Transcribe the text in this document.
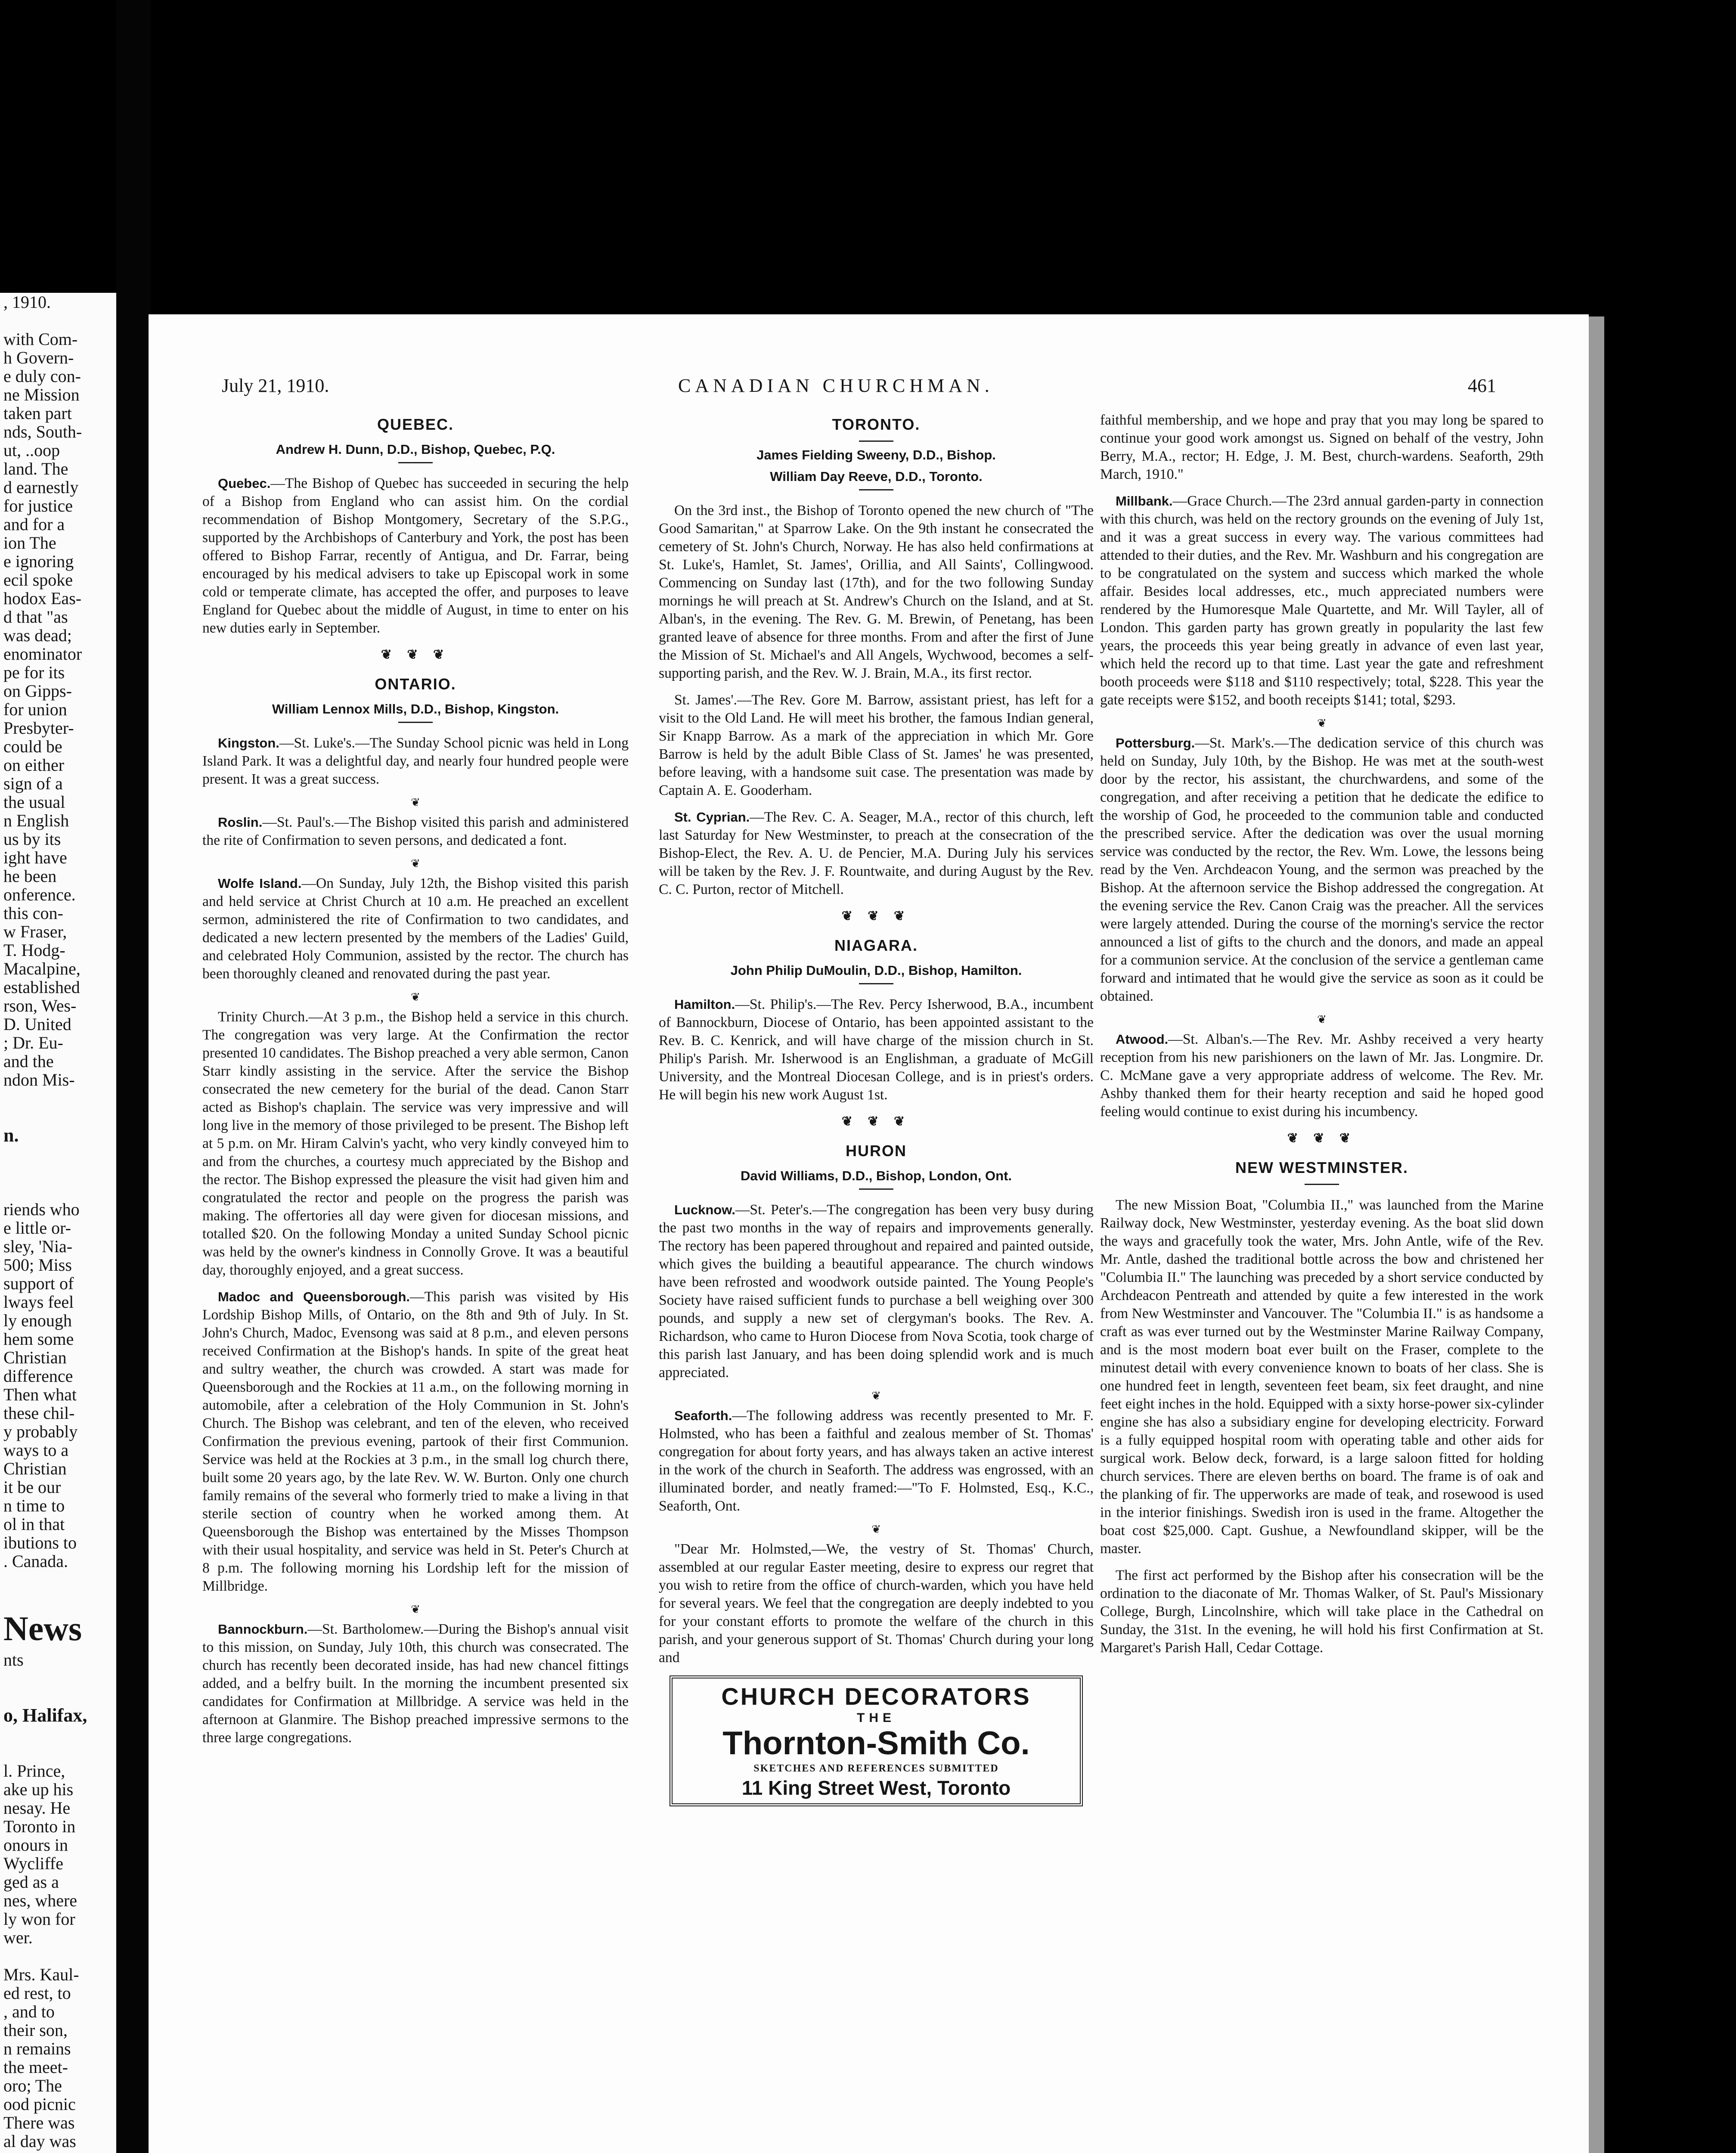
, 1910.
with Com-
h Govern-
e duly con-
ne Mission
taken part
nds, South-
ut, ..oop
land. The
d earnestly
for justice
and for a
ion The
e ignoring
ecil spoke
hodox Eas-
d that "as
was dead;
enominator
pe for its
on Gipps-
for union
Presbyter-
could be
on either
sign of a
the usual
n English
us by its
ight have
he been
onference.
this con-
w Fraser,
T. Hodg-
Macalpine,
established
rson, Wes-
D. United
; Dr. Eu-
and the
ndon Mis-
n.
riends who
e little or-
sley, 'Nia-
500; Miss
support of
lways feel
ly enough
hem some
Christian
difference
Then what
these chil-
y probably
ways to a
Christian
it be our
n time to
ol in that
ibutions to
. Canada.
News
nts
o, Halifax,
l. Prince,
ake up his
nesay. He
Toronto in
onours in
Wycliffe
ged as a
nes, where
ly won for
wer.
Mrs. Kaul-
ed rest, to
, and to
their son,
n remains
the meet-
oro; The
ood picnic
There was
al day was
July 21, 1910.	CANADIAN CHURCHMAN.	461
QUEBEC.
Andrew H. Dunn, D.D., Bishop, Quebec, P.Q.

Quebec.—The Bishop of Quebec has succeeded in securing the help of a Bishop from England who can assist him. On the cordial recommendation of Bishop Montgomery, Secretary of the S.P.G., supported by the Archbishops of Canterbury and York, the post has been offered to Bishop Farrar, recently of Antigua, and Dr. Farrar, being encouraged by his medical advisers to take up Episcopal work in some cold or temperate climate, has accepted the offer, and purposes to leave England for Quebec about the middle of August, in time to enter on his new duties early in September.

❦ ❦ ❦
ONTARIO.
William Lennox Mills, D.D., Bishop, Kingston.

Kingston.—St. Luke's.—The Sunday School picnic was held in Long Island Park. It was a delightful day, and nearly four hundred people were present. It was a great success.

❦

Roslin.—St. Paul's.—The Bishop visited this parish and administered the rite of Confirmation to seven persons, and dedicated a font.

❦

Wolfe Island.—On Sunday, July 12th, the Bishop visited this parish and held service at Christ Church at 10 a.m. He preached an excellent sermon, administered the rite of Confirmation to two candidates, and dedicated a new lectern presented by the members of the Ladies' Guild, and celebrated Holy Communion, assisted by the rector. The church has been thoroughly cleaned and renovated during the past year.

❦

Trinity Church.—At 3 p.m., the Bishop held a service in this church. The congregation was very large. At the Confirmation the rector presented 10 candidates. The Bishop preached a very able sermon, Canon Starr kindly assisting in the service. After the service the Bishop consecrated the new cemetery for the burial of the dead. Canon Starr acted as Bishop's chaplain. The service was very impressive and will long live in the memory of those privileged to be present. The Bishop left at 5 p.m. on Mr. Hiram Calvin's yacht, who very kindly conveyed him to and from the churches, a courtesy much appreciated by the Bishop and the rector. The Bishop expressed the pleasure the visit had given him and congratulated the rector and people on the progress the parish was making. The offertories all day were given for diocesan missions, and totalled $20. On the following Monday a united Sunday School picnic was held by the owner's kindness in Connolly Grove. It was a beautiful day, thoroughly enjoyed, and a great success.

Madoc and Queensborough.—This parish was visited by His Lordship Bishop Mills, of Ontario, on the 8th and 9th of July. In St. John's Church, Madoc, Evensong was said at 8 p.m., and eleven persons received Confirmation at the Bishop's hands. In spite of the great heat and sultry weather, the church was crowded. A start was made for Queensborough and the Rockies at 11 a.m., on the following morning in automobile, after a celebration of the Holy Communion in St. John's Church. The Bishop was celebrant, and ten of the eleven, who received Confirmation the previous evening, partook of their first Communion. Service was held at the Rockies at 3 p.m., in the small log church there, built some 20 years ago, by the late Rev. W. W. Burton. Only one church family remains of the several who formerly tried to make a living in that sterile section of country when he worked among them. At Queensborough the Bishop was entertained by the Misses Thompson with their usual hospitality, and service was held in St. Peter's Church at 8 p.m. The following morning his Lordship left for the mission of Millbridge.

❦

Bannockburn.—St. Bartholomew.—During the Bishop's annual visit to this mission, on Sunday, July 10th, this church was consecrated. The church has recently been decorated inside, has had new chancel fittings added, and a belfry built. In the morning the incumbent presented six candidates for Confirmation at Millbridge. A service was held in the afternoon at Glanmire. The Bishop preached impressive sermons to the three large congregations.

TORONTO.
James Fielding Sweeny, D.D., Bishop.
William Day Reeve, D.D., Toronto.

On the 3rd inst., the Bishop of Toronto opened the new church of "The Good Samaritan," at Sparrow Lake. On the 9th instant he consecrated the cemetery of St. John's Church, Norway. He has also held confirmations at St. Luke's, Hamlet, St. James', Orillia, and All Saints', Collingwood. Commencing on Sunday last (17th), and for the two following Sunday mornings he will preach at St. Andrew's Church on the Island, and at St. Alban's, in the evening. The Rev. G. M. Brewin, of Penetang, has been granted leave of absence for three months. From and after the first of June the Mission of St. Michael's and All Angels, Wychwood, becomes a self-supporting parish, and the Rev. W. J. Brain, M.A., its first rector.

St. James'.—The Rev. Gore M. Barrow, assistant priest, has left for a visit to the Old Land. He will meet his brother, the famous Indian general, Sir Knapp Barrow. As a mark of the appreciation in which Mr. Gore Barrow is held by the adult Bible Class of St. James' he was presented, before leaving, with a handsome suit case. The presentation was made by Captain A. E. Gooderham.

St. Cyprian.—The Rev. C. A. Seager, M.A., rector of this church, left last Saturday for New Westminster, to preach at the consecration of the Bishop-Elect, the Rev. A. U. de Pencier, M.A. During July his services will be taken by the Rev. J. F. Rountwaite, and during August by the Rev. C. C. Purton, rector of Mitchell.

❦ ❦ ❦
NIAGARA.
John Philip DuMoulin, D.D., Bishop, Hamilton.

Hamilton.—St. Philip's.—The Rev. Percy Isherwood, B.A., incumbent of Bannockburn, Diocese of Ontario, has been appointed assistant to the Rev. B. C. Kenrick, and will have charge of the mission church in St. Philip's Parish. Mr. Isherwood is an Englishman, a graduate of McGill University, and the Montreal Diocesan College, and is in priest's orders. He will begin his new work August 1st.

❦ ❦ ❦
HURON
David Williams, D.D., Bishop, London, Ont.

Lucknow.—St. Peter's.—The congregation has been very busy during the past two months in the way of repairs and improvements generally. The rectory has been papered throughout and repaired and painted outside, which gives the building a beautiful appearance. The church windows have been refrosted and woodwork outside painted. The Young People's Society have raised sufficient funds to purchase a bell weighing over 300 pounds, and supply a new set of clergyman's books. The Rev. A. Richardson, who came to Huron Diocese from Nova Scotia, took charge of this parish last January, and has been doing splendid work and is much appreciated.

❦

Seaforth.—The following address was recently presented to Mr. F. Holmsted, who has been a faithful and zealous member of St. Thomas' congregation for about forty years, and has always taken an active interest in the work of the church in Seaforth. The address was engrossed, with an illuminated border, and neatly framed:—"To F. Holmsted, Esq., K.C., Seaforth, Ont.

❦

"Dear Mr. Holmsted,—We, the vestry of St. Thomas' Church, assembled at our regular Easter meeting, desire to express our regret that you wish to retire from the office of church-warden, which you have held for several years. We feel that the congregation are deeply indebted to you for your constant efforts to promote the welfare of the church in this parish, and your generous support of St. Thomas' Church during your long and

CHURCH DECORATORS
THE
Thornton-Smith Co.
SKETCHES AND REFERENCES SUBMITTED
11 King Street West, Toronto

faithful membership, and we hope and pray that you may long be spared to continue your good work amongst us. Signed on behalf of the vestry, John Berry, M.A., rector; H. Edge, J. M. Best, church-wardens. Seaforth, 29th March, 1910."

Millbank.—Grace Church.—The 23rd annual garden-party in connection with this church, was held on the rectory grounds on the evening of July 1st, and it was a great success in every way. The various committees had attended to their duties, and the Rev. Mr. Washburn and his congregation are to be congratulated on the system and success which marked the whole affair. Besides local addresses, etc., much appreciated numbers were rendered by the Humoresque Male Quartette, and Mr. Will Tayler, all of London. This garden party has grown greatly in popularity the last few years, the proceeds this year being greatly in advance of even last year, which held the record up to that time. Last year the gate and refreshment booth proceeds were $118 and $110 respectively; total, $228. This year the gate receipts were $152, and booth receipts $141; total, $293.

❦

Pottersburg.—St. Mark's.—The dedication service of this church was held on Sunday, July 10th, by the Bishop. He was met at the south-west door by the rector, his assistant, the churchwardens, and some of the congregation, and after receiving a petition that he dedicate the edifice to the worship of God, he proceeded to the communion table and conducted the prescribed service. After the dedication was over the usual morning service was conducted by the rector, the Rev. Wm. Lowe, the lessons being read by the Ven. Archdeacon Young, and the sermon was preached by the Bishop. At the afternoon service the Bishop addressed the congregation. At the evening service the Rev. Canon Craig was the preacher. All the services were largely attended. During the course of the morning's service the rector announced a list of gifts to the church and the donors, and made an appeal for a communion service. At the conclusion of the service a gentleman came forward and intimated that he would give the service as soon as it could be obtained.

❦

Atwood.—St. Alban's.—The Rev. Mr. Ashby received a very hearty reception from his new parishioners on the lawn of Mr. Jas. Longmire. Dr. C. McMane gave a very appropriate address of welcome. The Rev. Mr. Ashby thanked them for their hearty reception and said he hoped good feeling would continue to exist during his incumbency.

❦ ❦ ❦
NEW WESTMINSTER.

The new Mission Boat, "Columbia II.," was launched from the Marine Railway dock, New Westminster, yesterday evening. As the boat slid down the ways and gracefully took the water, Mrs. John Antle, wife of the Rev. Mr. Antle, dashed the traditional bottle across the bow and christened her "Columbia II." The launching was preceded by a short service conducted by Archdeacon Pentreath and attended by quite a few interested in the work from New Westminster and Vancouver. The "Columbia II." is as handsome a craft as was ever turned out by the Westminster Marine Railway Company, and is the most modern boat ever built on the Fraser, complete to the minutest detail with every convenience known to boats of her class. She is one hundred feet in length, seventeen feet beam, six feet draught, and nine feet eight inches in the hold. Equipped with a sixty horse-power six-cylinder engine she has also a subsidiary engine for developing electricity. Forward is a fully equipped hospital room with operating table and other aids for surgical work. Below deck, forward, is a large saloon fitted for holding church services. There are eleven berths on board. The frame is of oak and the planking of fir. The upperworks are made of teak, and rosewood is used in the interior finishings. Swedish iron is used in the frame. Altogether the boat cost $25,000. Capt. Gushue, a Newfoundland skipper, will be the master.

The first act performed by the Bishop after his consecration will be the ordination to the diaconate of Mr. Thomas Walker, of St. Paul's Missionary College, Burgh, Lincolnshire, which will take place in the Cathedral on Sunday, the 31st. In the evening, he will hold his first Confirmation at St. Margaret's Parish Hall, Cedar Cottage.
